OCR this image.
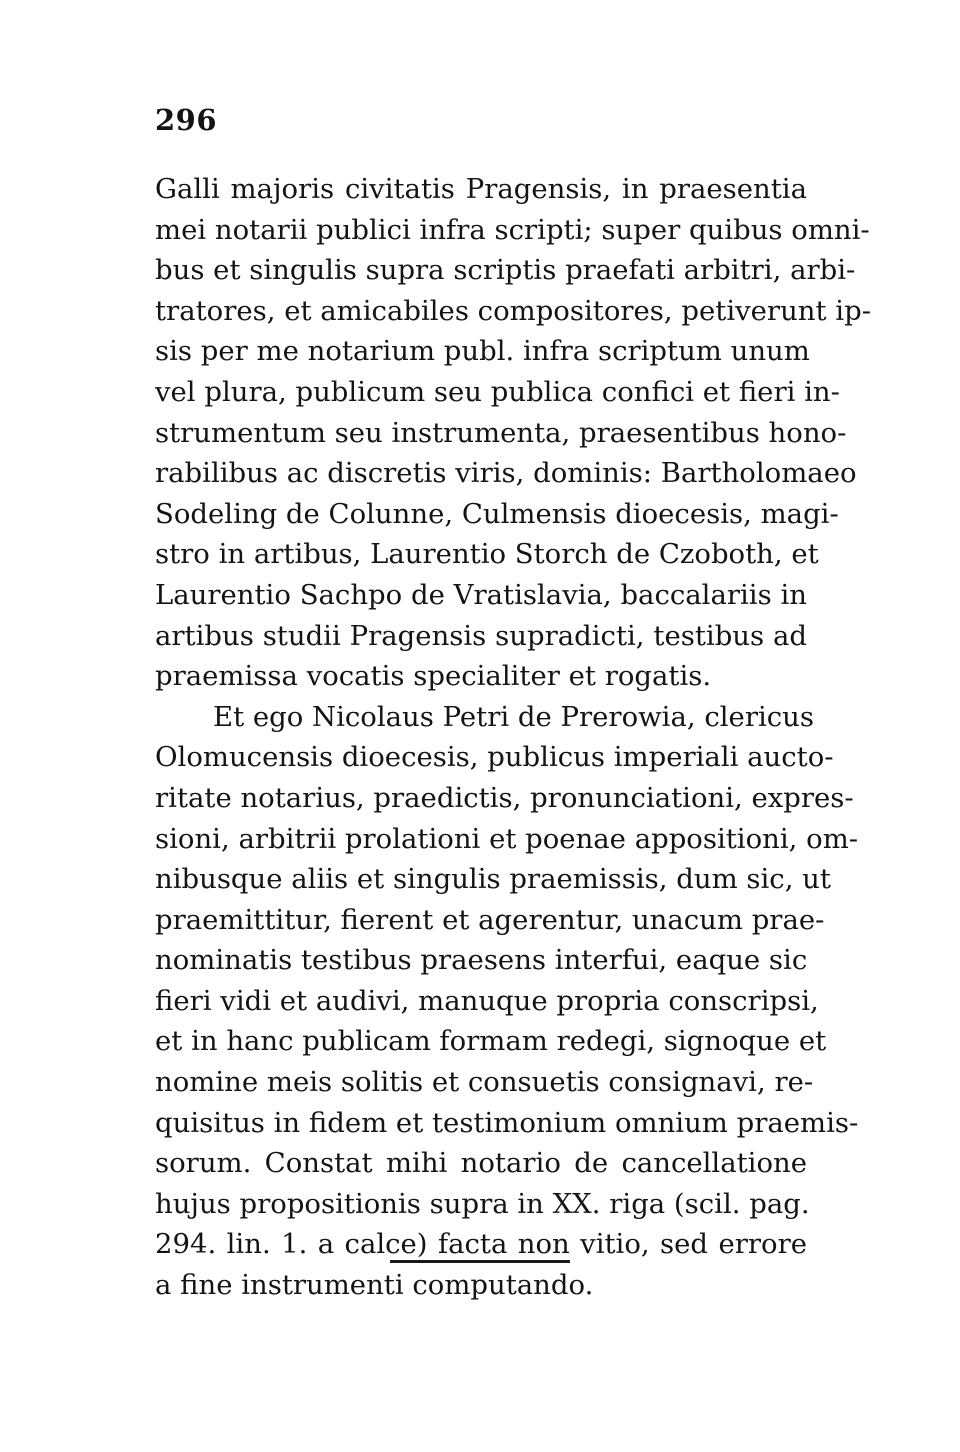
296
Galli majoris civitatis Pragensis, in praesentia
mei notarii publici infra scripti; super quibus omni-
bus et singulis supra scriptis praefati arbitri, arbi-
tratores, et amicabiles compositores, petiverunt ip-
sis per me notarium publ. infra scriptum unum
vel plura, publicum seu publica confici et fieri in-
strumentum seu instrumenta, praesentibus hono-
rabilibus ac discretis viris, dominis: Bartholomaeo
Sodeling de Colunne, Culmensis dioecesis, magi-
stro in artibus, Laurentio Storch de Czoboth, et
Laurentio Sachpo de Vratislavia, baccalariis in
artibus studii Pragensis supradicti, testibus ad
praemissa vocatis specialiter et rogatis.
Et ego Nicolaus Petri de Prerowia, clericus
Olomucensis dioecesis, publicus imperiali aucto-
ritate notarius, praedictis, pronunciationi, expres-
sioni, arbitrii prolationi et poenae appositioni, om-
nibusque aliis et singulis praemissis, dum sic, ut
praemittitur, fierent et agerentur, unacum prae-
nominatis testibus praesens interfui, eaque sic
fieri vidi et audivi, manuque propria conscripsi,
et in hanc publicam formam redegi, signoque et
nomine meis solitis et consuetis consignavi, re-
quisitus in fidem et testimonium omnium praemis-
sorum. Constat mihi notario de cancellatione
hujus propositionis supra in XX. riga (scil. pag.
294. lin. 1. a calce) facta non vitio, sed errore
a fine instrumenti computando.
